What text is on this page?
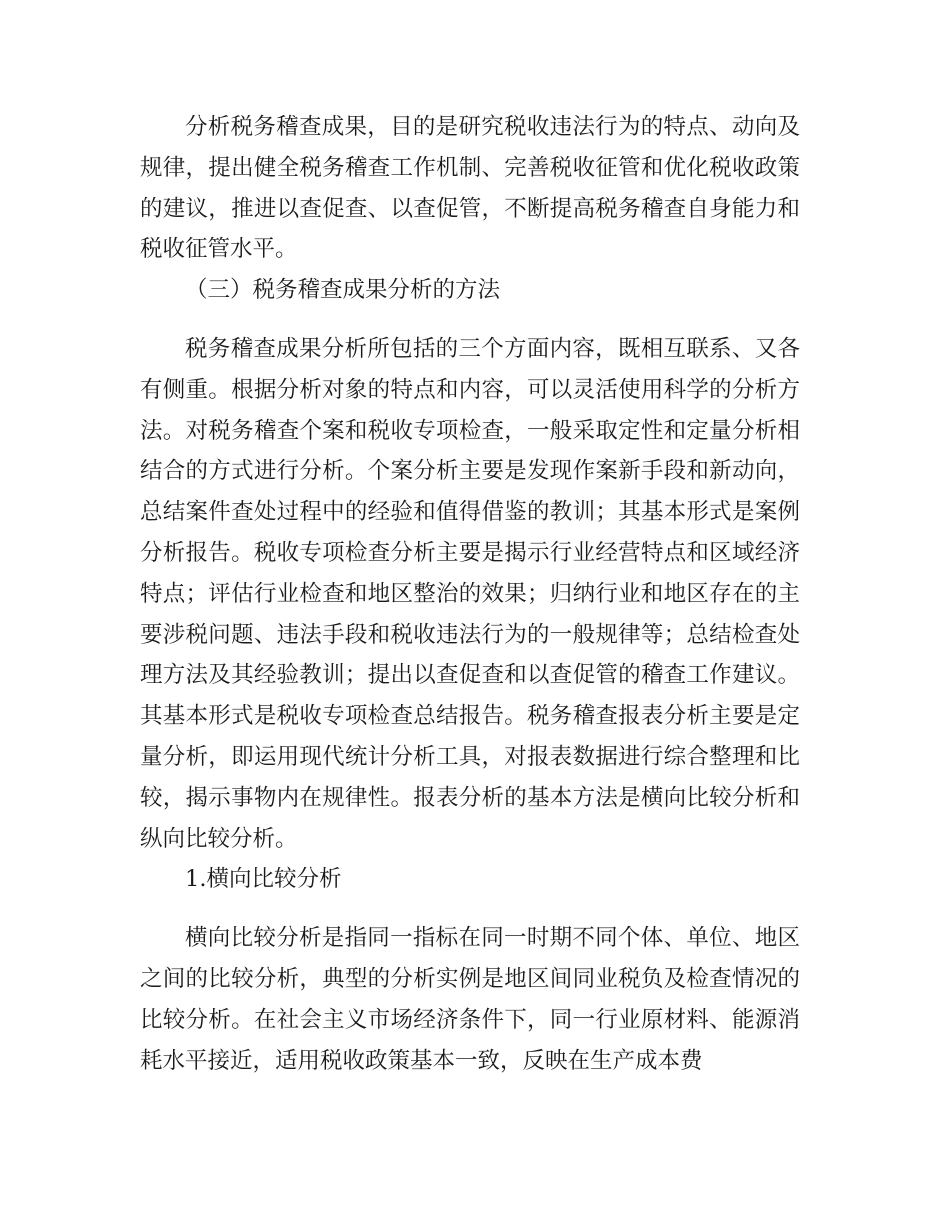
分析税务稽查成果，目的是研究税收违法行为的特点、动向及规律，提出健全税务稽查工作机制、完善税收征管和优化税收政策的建议，推进以查促查、以查促管，不断提高税务稽查自身能力和税收征管水平。

（三）税务稽查成果分析的方法

税务稽查成果分析所包括的三个方面内容，既相互联系、又各有侧重。根据分析对象的特点和内容，可以灵活使用科学的分析方法。对税务稽查个案和税收专项检查，一般采取定性和定量分析相结合的方式进行分析。个案分析主要是发现作案新手段和新动向，总结案件查处过程中的经验和值得借鉴的教训；其基本形式是案例分析报告。税收专项检查分析主要是揭示行业经营特点和区域经济特点；评估行业检查和地区整治的效果；归纳行业和地区存在的主要涉税问题、违法手段和税收违法行为的一般规律等；总结检查处理方法及其经验教训；提出以查促查和以查促管的稽查工作建议。其基本形式是税收专项检查总结报告。税务稽查报表分析主要是定量分析，即运用现代统计分析工具，对报表数据进行综合整理和比较，揭示事物内在规律性。报表分析的基本方法是横向比较分析和纵向比较分析。

1.横向比较分析

横向比较分析是指同一指标在同一时期不同个体、单位、地区之间的比较分析，典型的分析实例是地区间同业税负及检查情况的比较分析。在社会主义市场经济条件下，同一行业原材料、能源消耗水平接近，适用税收政策基本一致，反映在生产成本费
